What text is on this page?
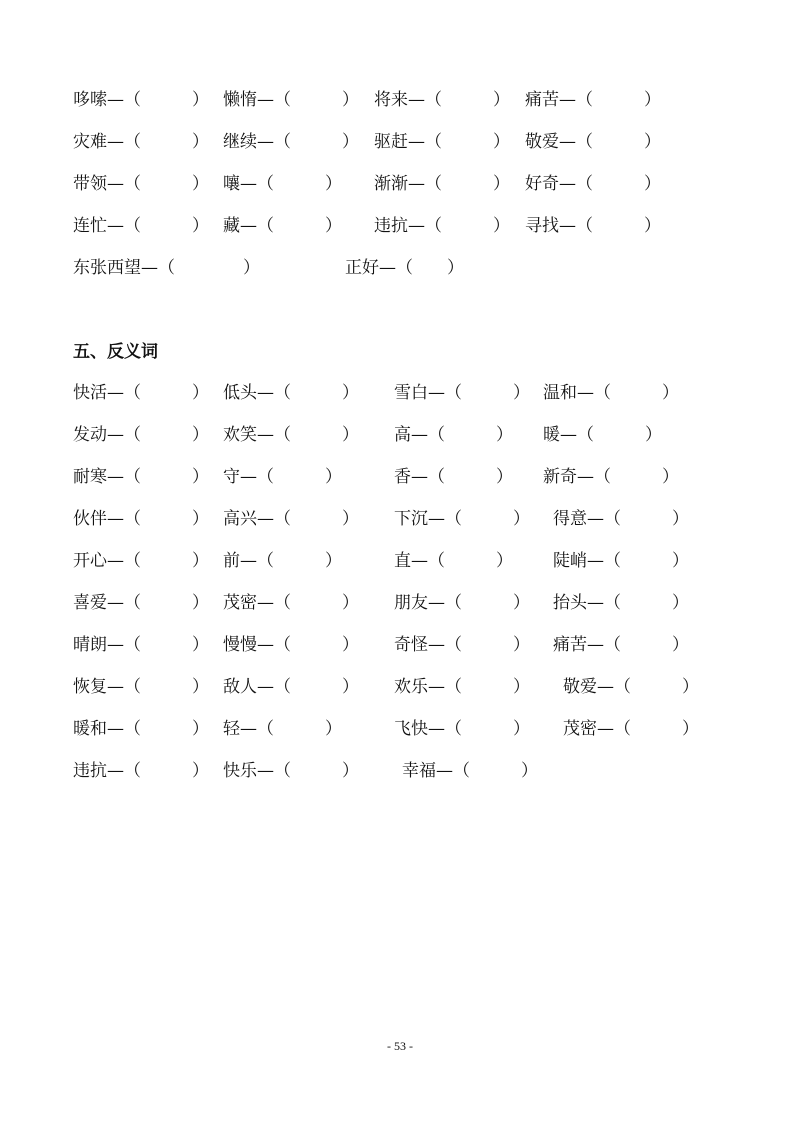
哆嗦—（　　　） 懒惰—（　　　） 将来—（　　　） 痛苦—（　　　）
灾难—（　　　） 继续—（　　　） 驱赶—（　　　） 敬爱—（　　　）
带领—（　　　） 嚷—（　　　） 渐渐—（　　　） 好奇—（　　　）
连忙—（　　　） 藏—（　　　） 违抗—（　　　） 寻找—（　　　）
东张西望—（　　　　）	正好—（　　）
五、反义词
快活—（　　　） 低头—（　　　） 雪白—（　　　） 温和—（　　　）
发动—（　　　） 欢笑—（　　　） 高—（　　　） 暖—（　　　）
耐寒—（　　　） 守—（　　　）	香—（　　　） 新奇—（　　　）
伙伴—（　　　） 高兴—（　　　） 下沉—（　　　） 得意—（　　　）
开心—（　　　） 前—（　　　）	直—（　　　） 陡峭—（　　　）
喜爱—（　　　） 茂密—（　　　） 朋友—（　　　） 抬头—（　　　）
晴朗—（　　　） 慢慢—（　　　） 奇怪—（　　　） 痛苦—（　　　）
恢复—（　　　） 敌人—（　　　） 欢乐—（　　　） 敬爱—（　　　）
暖和—（　　　） 轻—（　　　）	飞快—（　　　） 茂密—（　　　）
违抗—（　　　） 快乐—（　　　）	幸福—（　　　）
- 53 -
